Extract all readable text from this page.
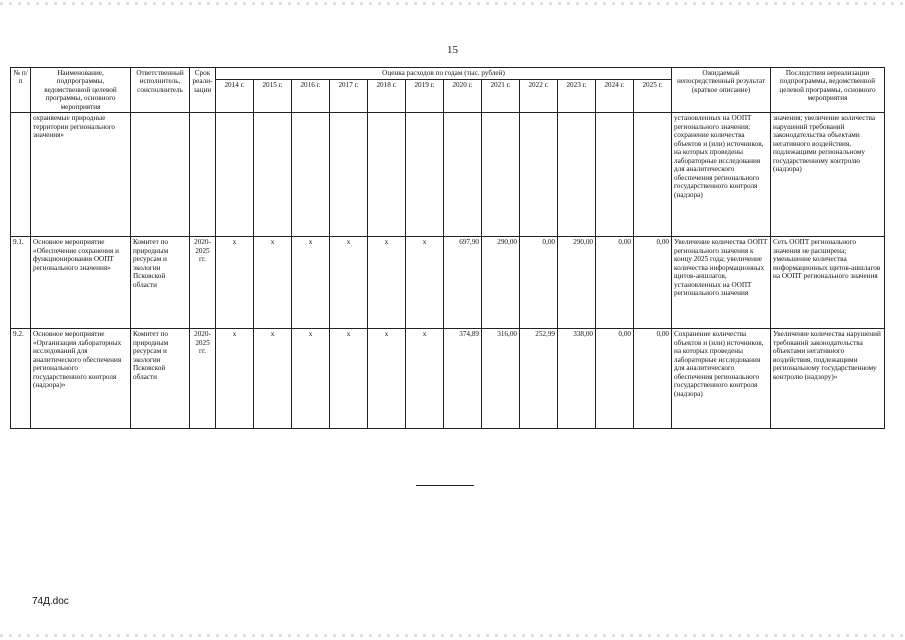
15
№ п/п	Наименование, подпрограммы, ведомственной целевой программы, основного мероприятия	Ответственный исполнитель, соисполнитель	Срок реали-зации	Оценка расходов по годам (тыс. рублей)												Ожидаемый непосредственный результат (краткое описание)	Последствия нереализации подпрограммы, ведомственной целевой программы, основного мероприятия
				2014 г.	2015 г.	2016 г.	2017 г.	2018 г.	2019 г.	2020 г.	2021 г.	2022 г.	2023 г.	2024 г.	2025 г.		
	охраняемые природные территории регионального значения»															установленных на ООПТ регионального значения; сохранение количества объектов и (или) источников, на которых проведены лабораторные исследования для аналитического обеспечения регионального государственного контроля (надзора)	значения; увеличение количества нарушений требований законодательства объектами негативного воздействия, подлежащими региональному государственному контролю (надзора)
9.1.	Основное мероприятие «Обеспечение сохранения и функционирования ООПТ регионального значения»	Комитет по природным ресурсам и экологии Псковской области	2020-2025 гг.	x	x	x	x	x	x	697,90	290,00	0,00	290,00	0,00	0,00	Увеличение количества ООПТ регионального значения к концу 2025 года; увеличение количества информационных щитов-аншлагов, установленных на ООПТ регионального значения	Сеть ООПТ регионального значения не расширена; уменьшение количества информационных щитов-аншлагов на ООПТ регионального значения
9.2.	Основное мероприятие «Организация лабораторных исследований для аналитического обеспечения регионального государственного контроля (надзора)»	Комитет по природным ресурсам и экологии Псковской области	2020-2025 гг.	x	x	x	x	x	x	374,89	316,00	252,99	338,00	0,00	0,00	Сохранение количества объектов и (или) источников, на которых проведены лабораторные исследования для аналитического обеспечения регионального государственного контроля (надзора)	Увеличение количества нарушений требований законодательства объектами негативного воздействия, подлежащими региональному государственному контролю (надзору)»
74Д.doc
